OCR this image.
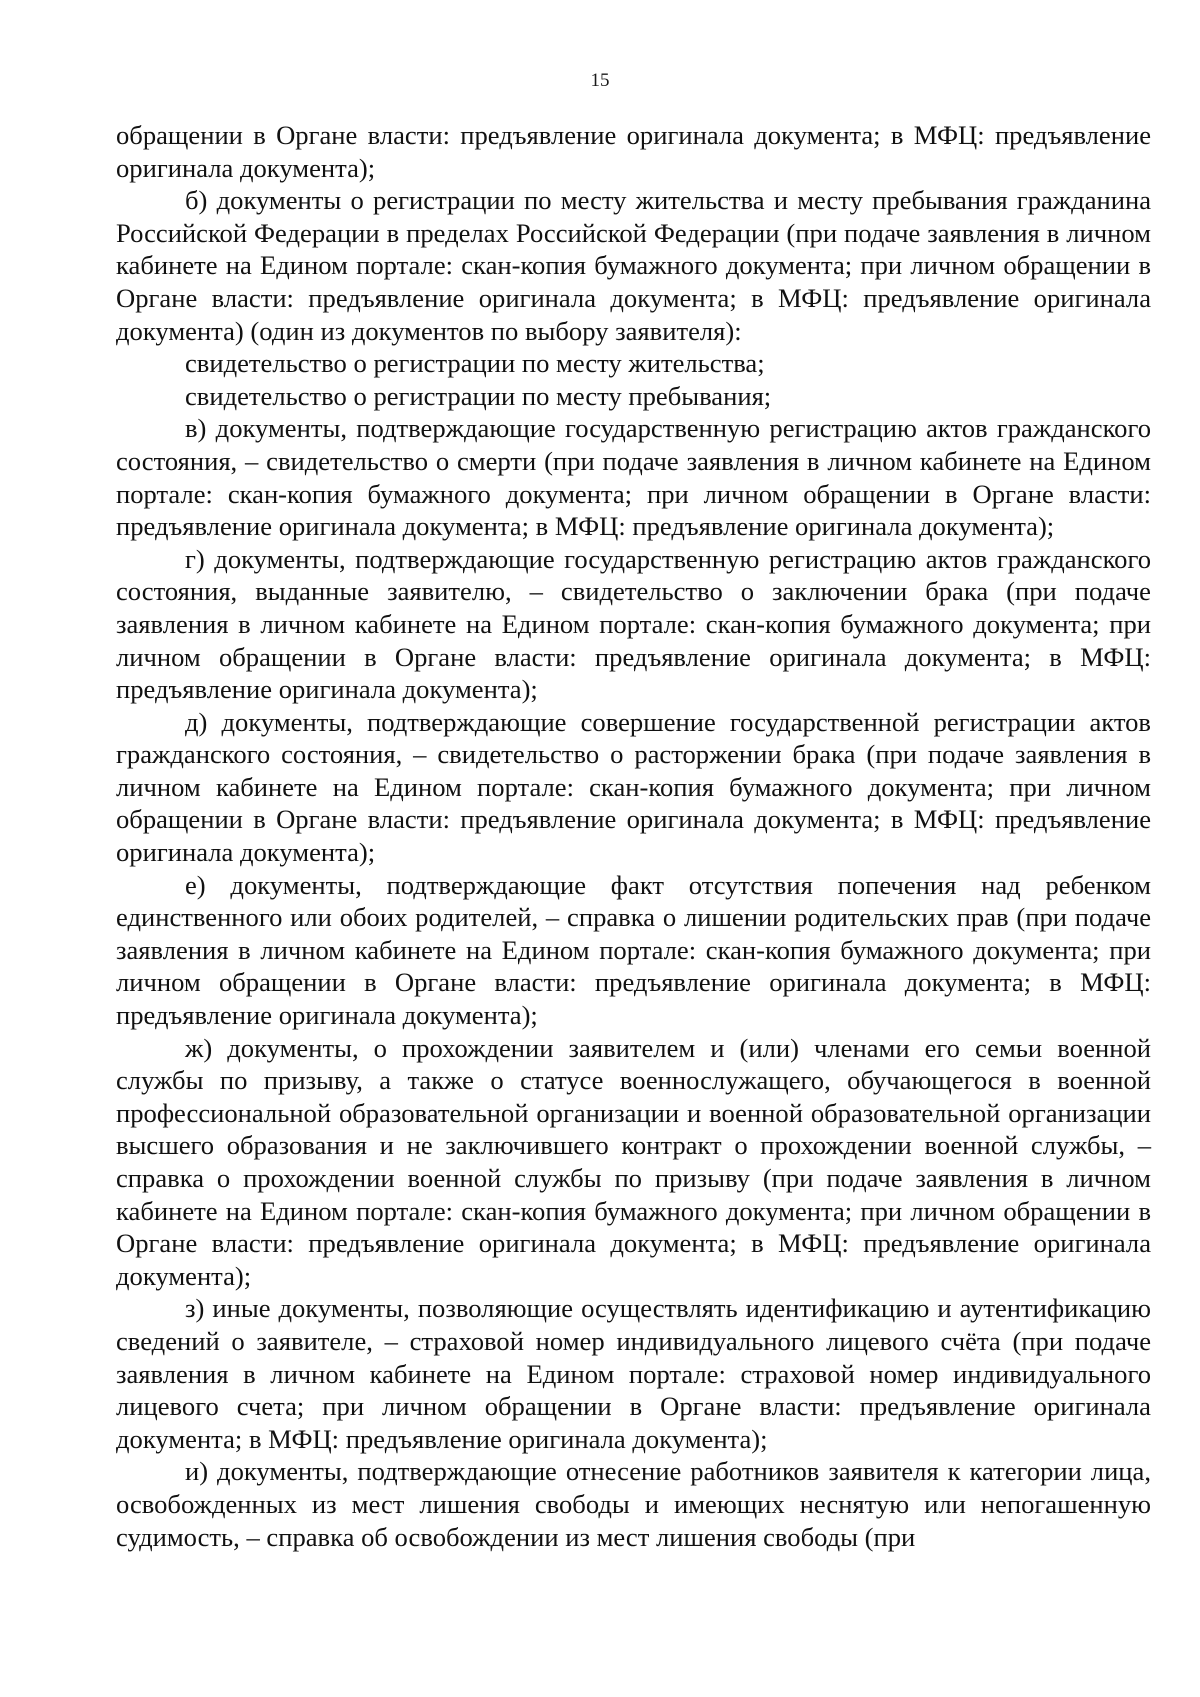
15

обращении в Органе власти: предъявление оригинала документа; в МФЦ: предъявление оригинала документа);

б) документы о регистрации по месту жительства и месту пребывания гражданина Российской Федерации в пределах Российской Федерации (при подаче заявления в личном кабинете на Едином портале: скан-копия бумажного документа; при личном обращении в Органе власти: предъявление оригинала документа; в МФЦ: предъявление оригинала документа) (один из документов по выбору заявителя):

свидетельство о регистрации по месту жительства;

свидетельство о регистрации по месту пребывания;

в) документы, подтверждающие государственную регистрацию актов гражданского состояния, – свидетельство о смерти (при подаче заявления в личном кабинете на Едином портале: скан-копия бумажного документа; при личном обращении в Органе власти: предъявление оригинала документа; в МФЦ: предъявление оригинала документа);

г) документы, подтверждающие государственную регистрацию актов гражданского состояния, выданные заявителю, – свидетельство о заключении брака (при подаче заявления в личном кабинете на Едином портале: скан-копия бумажного документа; при личном обращении в Органе власти: предъявление оригинала документа; в МФЦ: предъявление оригинала документа);

д) документы, подтверждающие совершение государственной регистрации актов гражданского состояния, – свидетельство о расторжении брака (при подаче заявления в личном кабинете на Едином портале: скан-копия бумажного документа; при личном обращении в Органе власти: предъявление оригинала документа; в МФЦ: предъявление оригинала документа);

е) документы, подтверждающие факт отсутствия попечения над ребенком единственного или обоих родителей, – справка о лишении родительских прав (при подаче заявления в личном кабинете на Едином портале: скан-копия бумажного документа; при личном обращении в Органе власти: предъявление оригинала документа; в МФЦ: предъявление оригинала документа);

ж) документы, о прохождении заявителем и (или) членами его семьи военной службы по призыву, а также о статусе военнослужащего, обучающегося в военной профессиональной образовательной организации и военной образовательной организации высшего образования и не заключившего контракт о прохождении военной службы, – справка о прохождении военной службы по призыву (при подаче заявления в личном кабинете на Едином портале: скан-копия бумажного документа; при личном обращении в Органе власти: предъявление оригинала документа; в МФЦ: предъявление оригинала документа);

з) иные документы, позволяющие осуществлять идентификацию и аутентификацию сведений о заявителе, – страховой номер индивидуального лицевого счёта (при подаче заявления в личном кабинете на Едином портале: страховой номер индивидуального лицевого счета; при личном обращении в Органе власти: предъявление оригинала документа; в МФЦ: предъявление оригинала документа);

и) документы, подтверждающие отнесение работников заявителя к категории лица, освобожденных из мест лишения свободы и имеющих неснятую или непогашенную судимость, – справка об освобождении из мест лишения свободы (при
